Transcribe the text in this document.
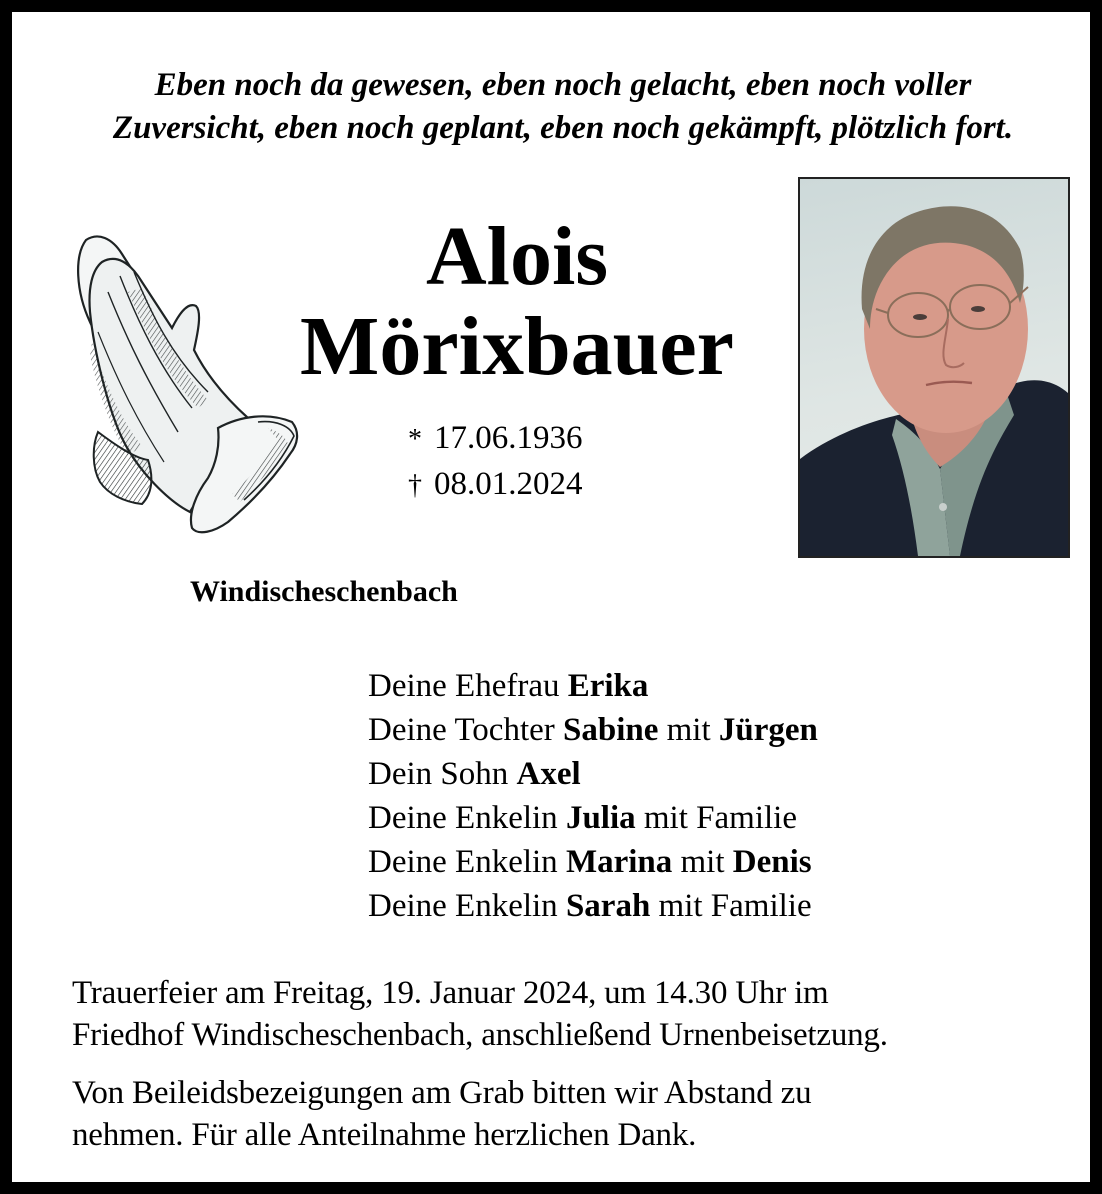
Eben noch da gewesen, eben noch gelacht, eben noch voller
Zuversicht, eben noch geplant, eben noch gekämpft, plötzlich fort.
Alois
Mörixbauer
* 17.06.1936
† 08.01.2024
Windischeschenbach
Deine Ehefrau Erika
Deine Tochter Sabine mit Jürgen
Dein Sohn Axel
Deine Enkelin Julia mit Familie
Deine Enkelin Marina mit Denis
Deine Enkelin Sarah mit Familie
Trauerfeier am Freitag, 19. Januar 2024, um 14.30 Uhr im
Friedhof Windischeschenbach, anschließend Urnenbeisetzung.
Von Beileidsbezeigungen am Grab bitten wir Abstand zu
nehmen. Für alle Anteilnahme herzlichen Dank.
